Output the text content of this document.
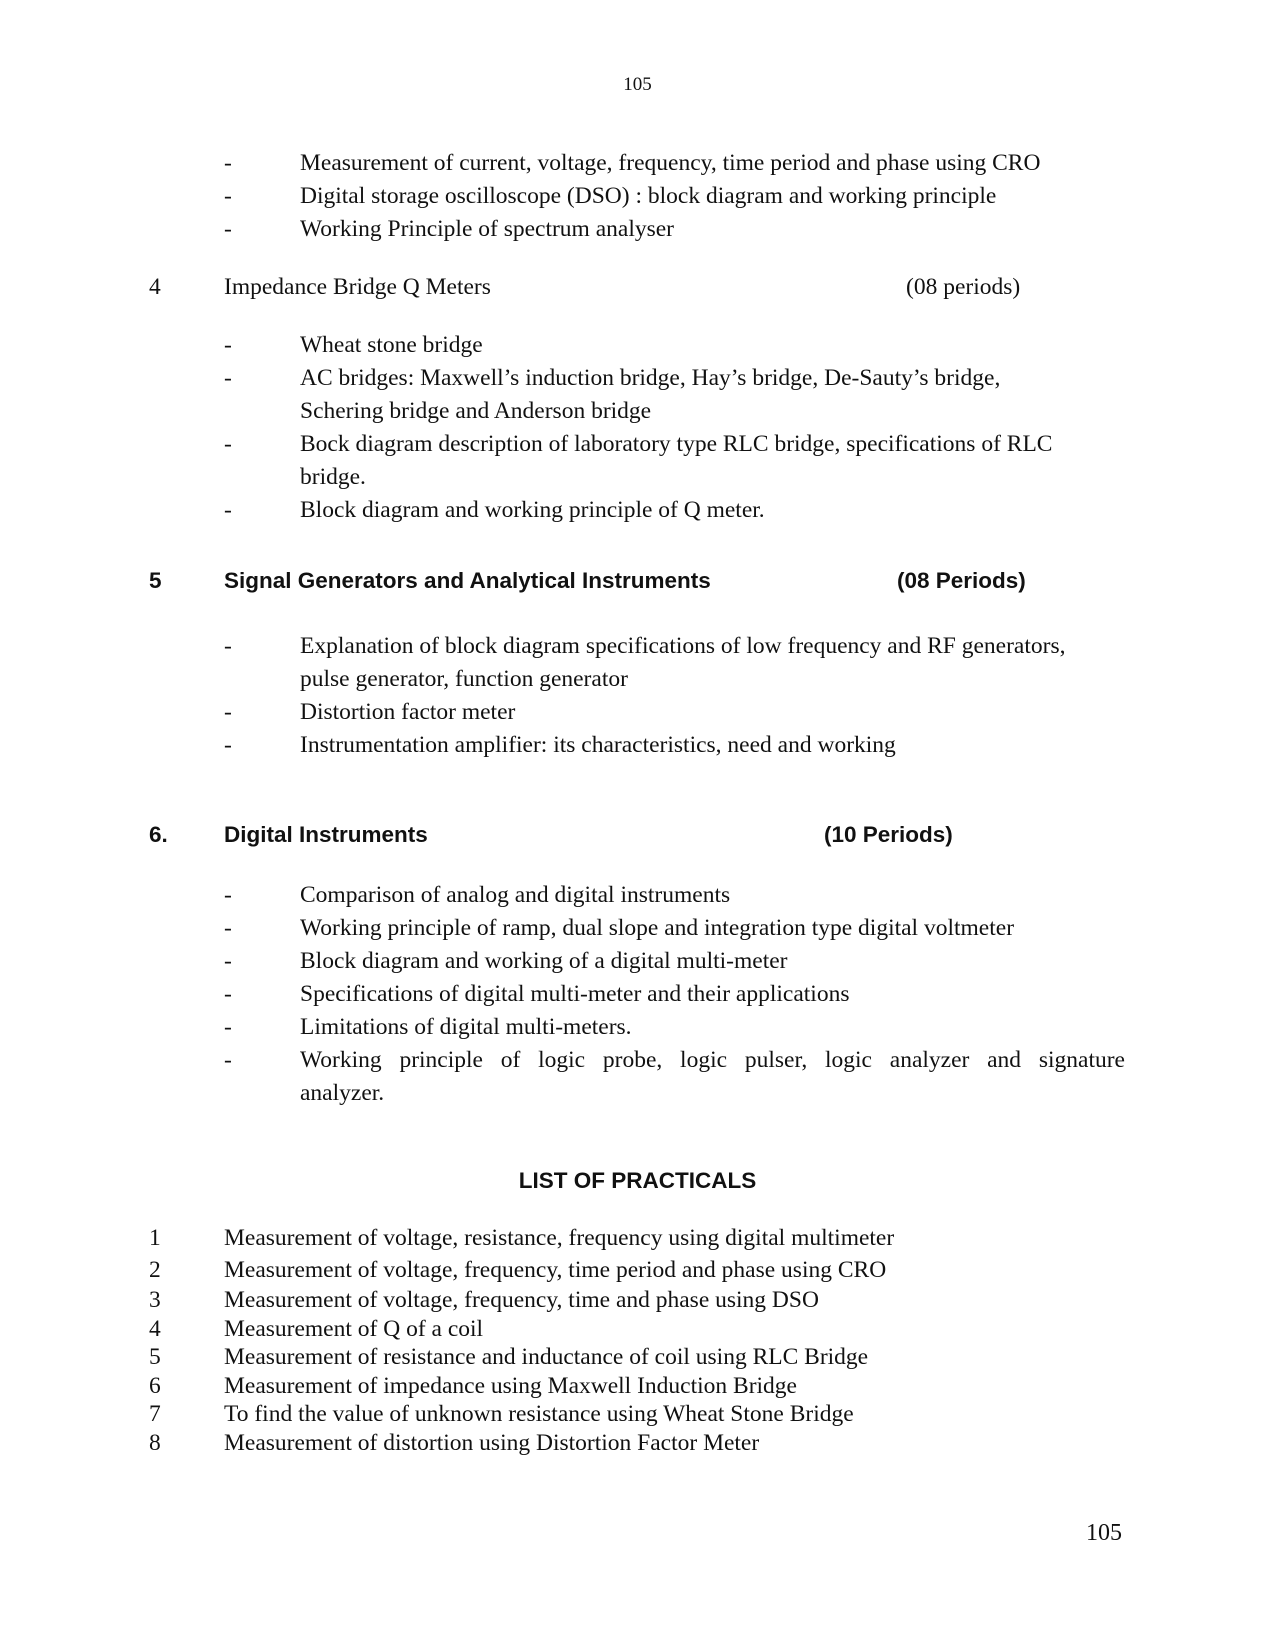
105
-	Measurement of current, voltage, frequency, time period and phase using CRO
-	Digital storage oscilloscope (DSO) : block diagram and working principle
-	Working Principle of spectrum analyser
4	Impedance Bridge Q Meters	(08 periods)
-	Wheat stone bridge
-	AC bridges: Maxwell’s induction bridge, Hay’s bridge, De-Sauty’s bridge,
Schering bridge and Anderson bridge
-	Bock diagram description of laboratory type RLC bridge, specifications of RLC
bridge.
-	Block diagram and working principle of Q meter.
5	Signal Generators and Analytical Instruments	(08 Periods)
-	Explanation of block diagram specifications of low frequency and RF generators,
pulse generator, function generator
-	Distortion factor meter
-	Instrumentation amplifier: its characteristics, need and working
6. Digital Instruments	(10 Periods)
-	Comparison of analog and digital instruments
-	Working principle of ramp, dual slope and integration type digital voltmeter
-	Block diagram and working of a digital multi-meter
-	Specifications of digital multi-meter and their applications
-	Limitations of digital multi-meters.
-	Working principle of logic probe, logic pulser, logic analyzer and signature
analyzer.
LIST OF PRACTICALS
1	Measurement of voltage, resistance, frequency using digital multimeter
2	Measurement of voltage, frequency, time period and phase using CRO
3	Measurement of voltage, frequency, time and phase using DSO
4	Measurement of Q of a coil
5	Measurement of resistance and inductance of coil using RLC Bridge
6	Measurement of impedance using Maxwell Induction Bridge
7	To find the value of unknown resistance using Wheat Stone Bridge
8	Measurement of distortion using Distortion Factor Meter
105
